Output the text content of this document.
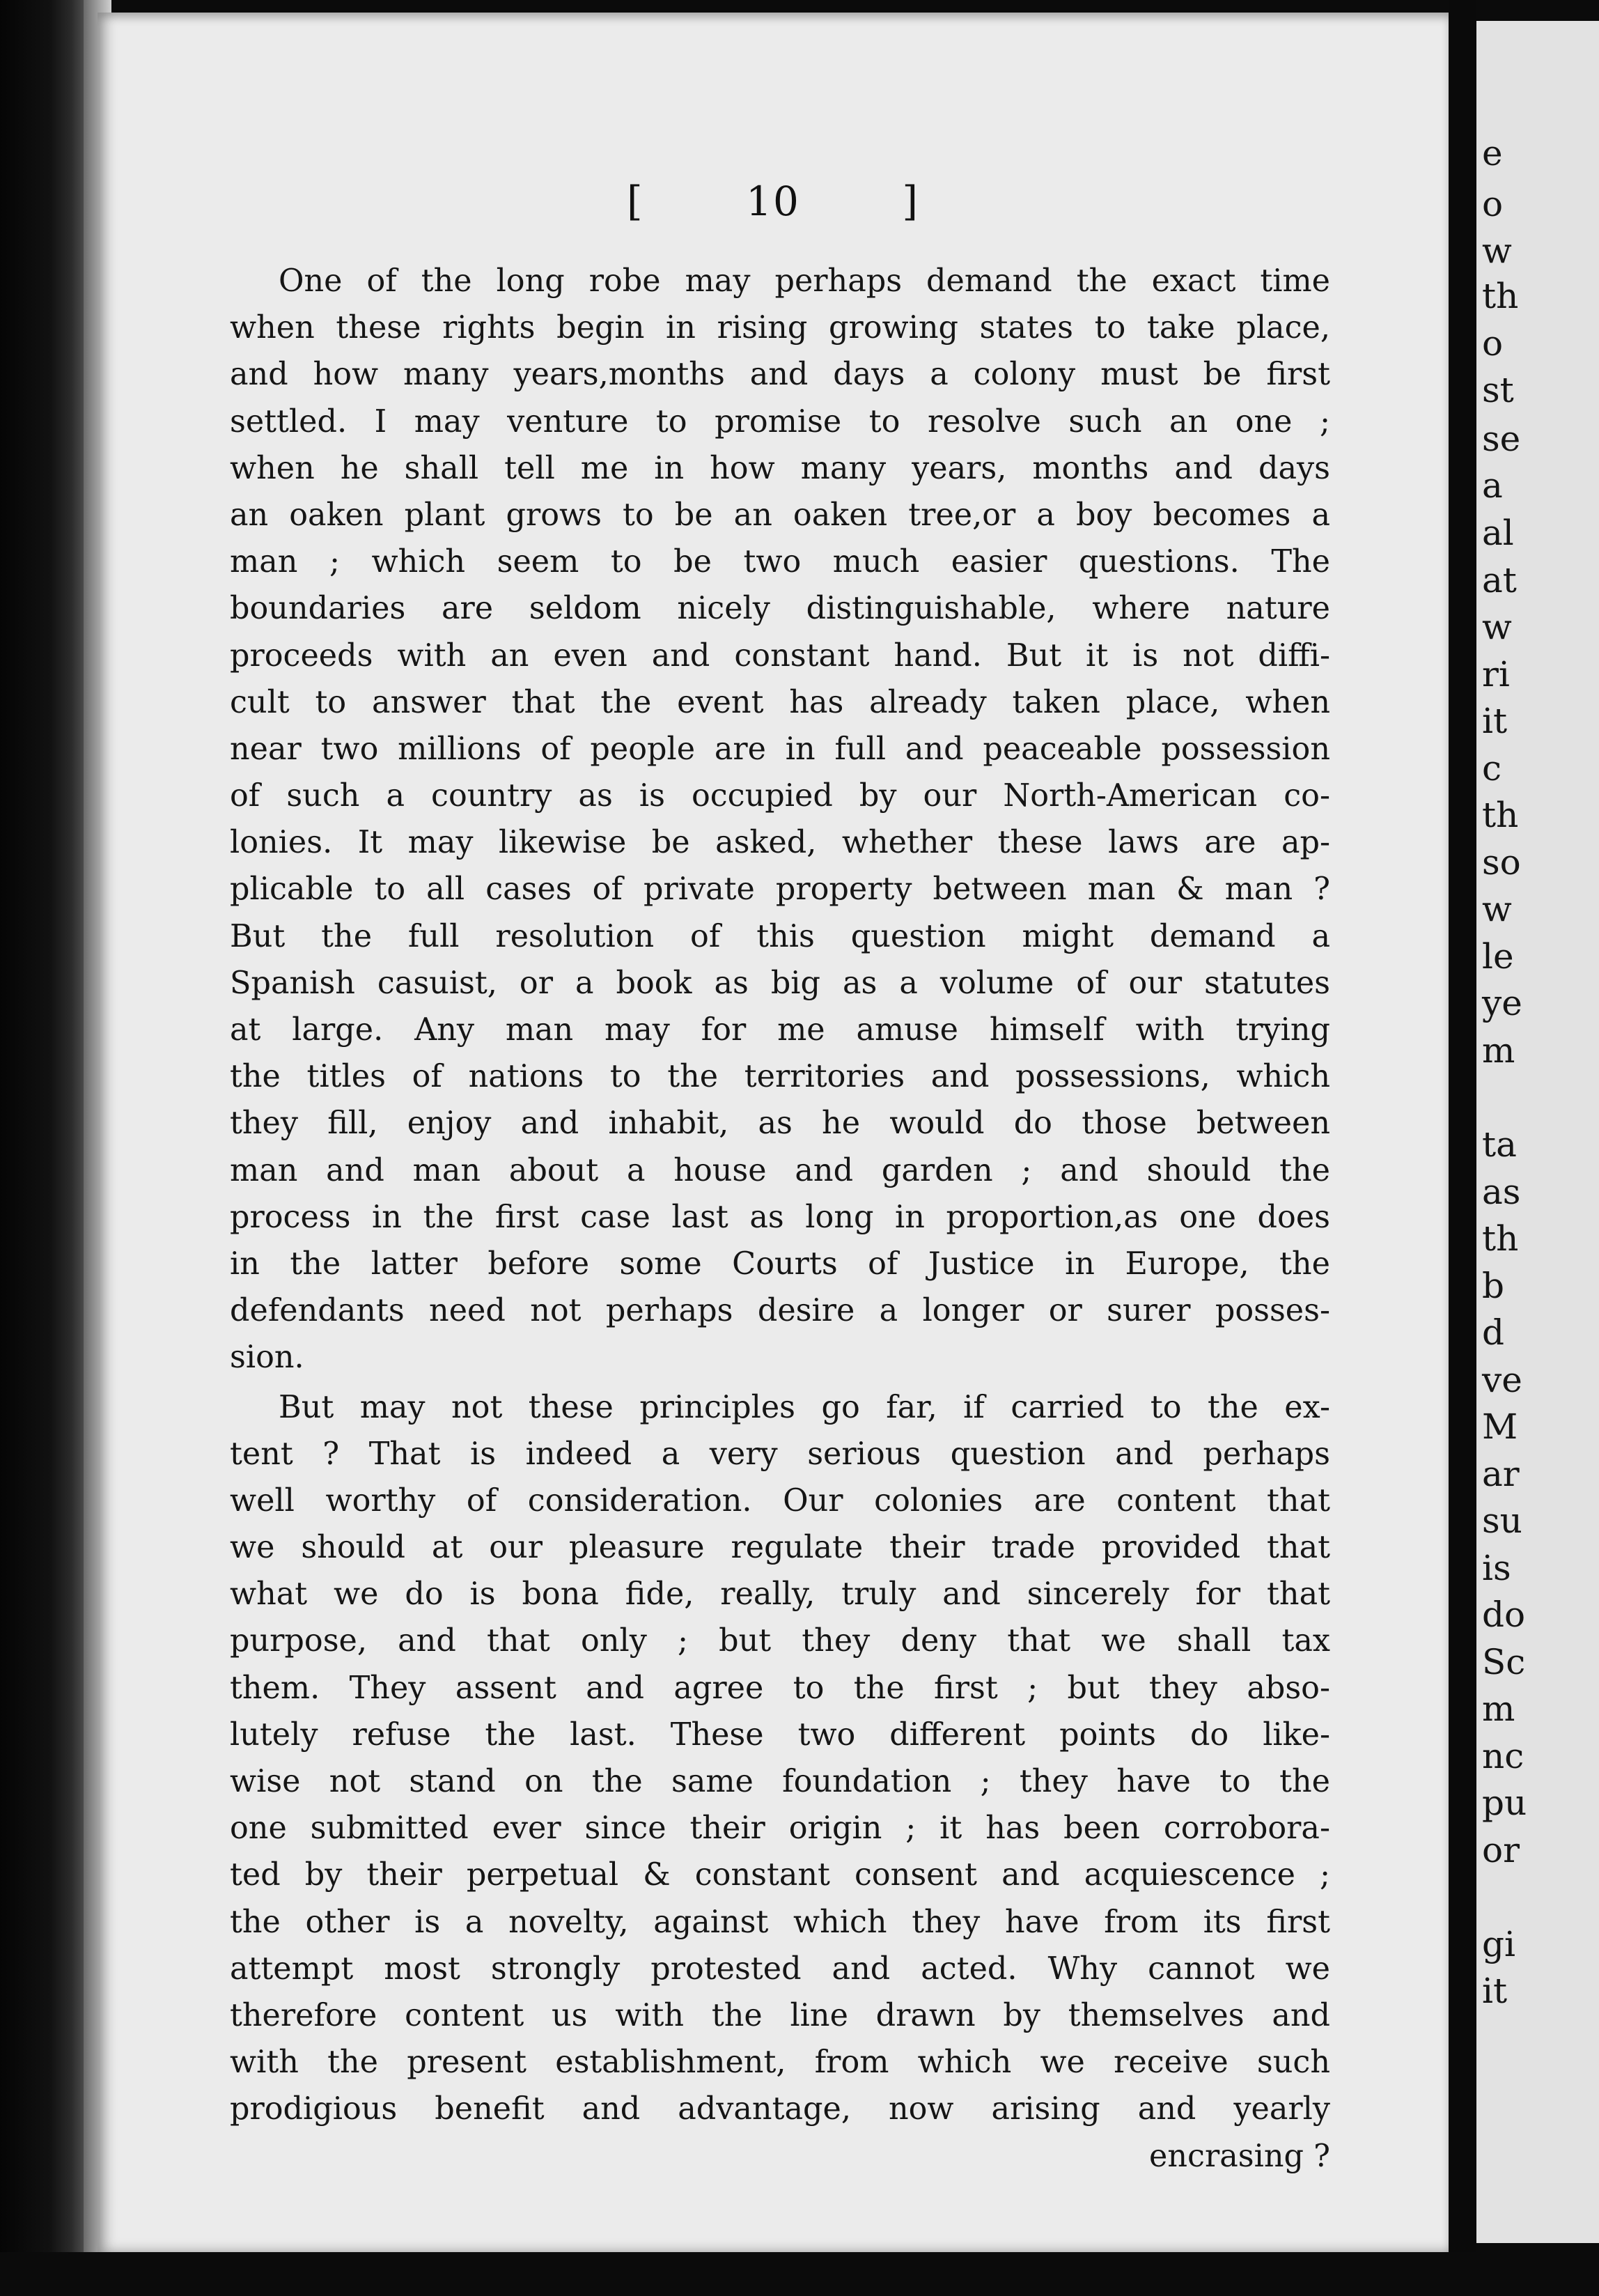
[	10	]
One of the long robe may perhaps demand the exact time
when these rights begin in rising growing states to take place,
and how many years,months and days a colony must be first
settled. I may venture to promise to resolve such an one ;
when he shall tell me in how many years, months and days
an oaken plant grows to be an oaken tree,or a boy becomes a
man ; which seem to be two much easier questions. The
boundaries are seldom nicely distinguishable, where nature
proceeds with an even and constant hand. But it is not diffi-
cult to answer that the event has already taken place, when
near two millions of people are in full and peaceable possession
of such a country as is occupied by our North-American co-
lonies. It may likewise be asked, whether these laws are ap-
plicable to all cases of private property between man & man ?
But the full resolution of this question might demand a
Spanish casuist, or a book as big as a volume of our statutes
at large. Any man may for me amuse himself with trying
the titles of nations to the territories and possessions, which
they fill, enjoy and inhabit, as he would do those between
man and man about a house and garden ; and should the
process in the first case last as long in proportion,as one does
in the latter before some Courts of Justice in Europe, the
defendants need not perhaps desire a longer or surer posses-
sion.
But may not these principles go far, if carried to the ex-
tent ? That is indeed a very serious question and perhaps
well worthy of consideration. Our colonies are content that
we should at our pleasure regulate their trade provided that
what we do is bona fide, really, truly and sincerely for that
purpose, and that only ; but they deny that we shall tax
them. They assent and agree to the first ; but they abso-
lutely refuse the last. These two different points do like-
wise not stand on the same foundation ; they have to the
one submitted ever since their origin ; it has been corrobora-
ted by their perpetual & constant consent and acquiescence ;
the other is a novelty, against which they have from its first
attempt most strongly protested and acted. Why cannot we
therefore content us with the line drawn by themselves and
with the present establishment, from which we receive such
prodigious benefit and advantage, now arising and yearly
encrasing ?
e
o
w
th
o
st
se
a
al
at
w
ri
it
c
th
so
w
le
ye
m
ta
as
th
b
d
ve
M
ar
su
is
do
Sc
m
nc
pu
or
gi
it
